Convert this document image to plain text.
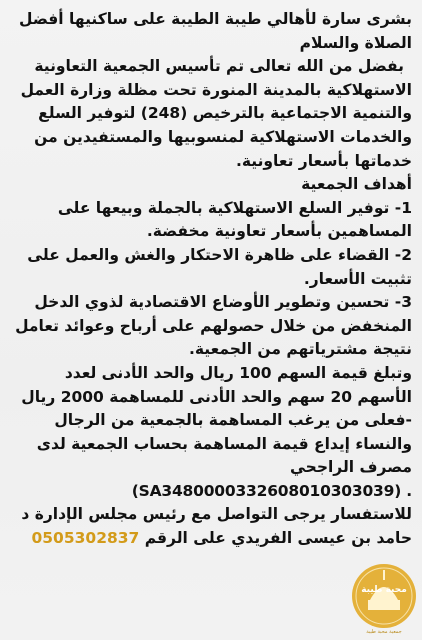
بشرى سارة لأهالي طيبة الطيبة على ساكنيها أفضل الصلاة والسلام

بفضل من الله تعالى تم تأسيس الجمعية التعاونية الاستهلاكية بالمدينة المنورة تحت مظلة وزارة العمل والتنمية الاجتماعية بالترخيص (248) لتوفير السلع والخدمات الاستهلاكية لمنسوبيها والمستفيدين من خدماتها بأسعار تعاونية.

أهداف الجمعية

1- توفير السلع الاستهلاكية بالجملة وبيعها على المساهمين بأسعار تعاونية مخفضة.

2- القضاء على ظاهرة الاحتكار والغش والعمل على تثبيت الأسعار.

3- تحسين وتطوير الأوضاع الاقتصادية لذوي الدخل المنخفض من خلال حصولهم على أرباح وعوائد تعامل نتيجة مشترياتهم من الجمعية.

وتبلغ قيمة السهم 100 ريال والحد الأدنى لعدد الأسهم 20 سهم والحد الأدنى للمساهمة 2000 ريال -فعلى من يرغب المساهمة بالجمعية من الرجال والنساء إيداع قيمة المساهمة بحساب الجمعية لدى مصرف الراجحي

(SA3480000332608010303039) .

للاستفسار يرجى التواصل مع رئيس مجلس الإدارة د حامد بن عيسى الفريدي على الرقم 0505302837

محبة طيبة
جمعية محبة طيبة
